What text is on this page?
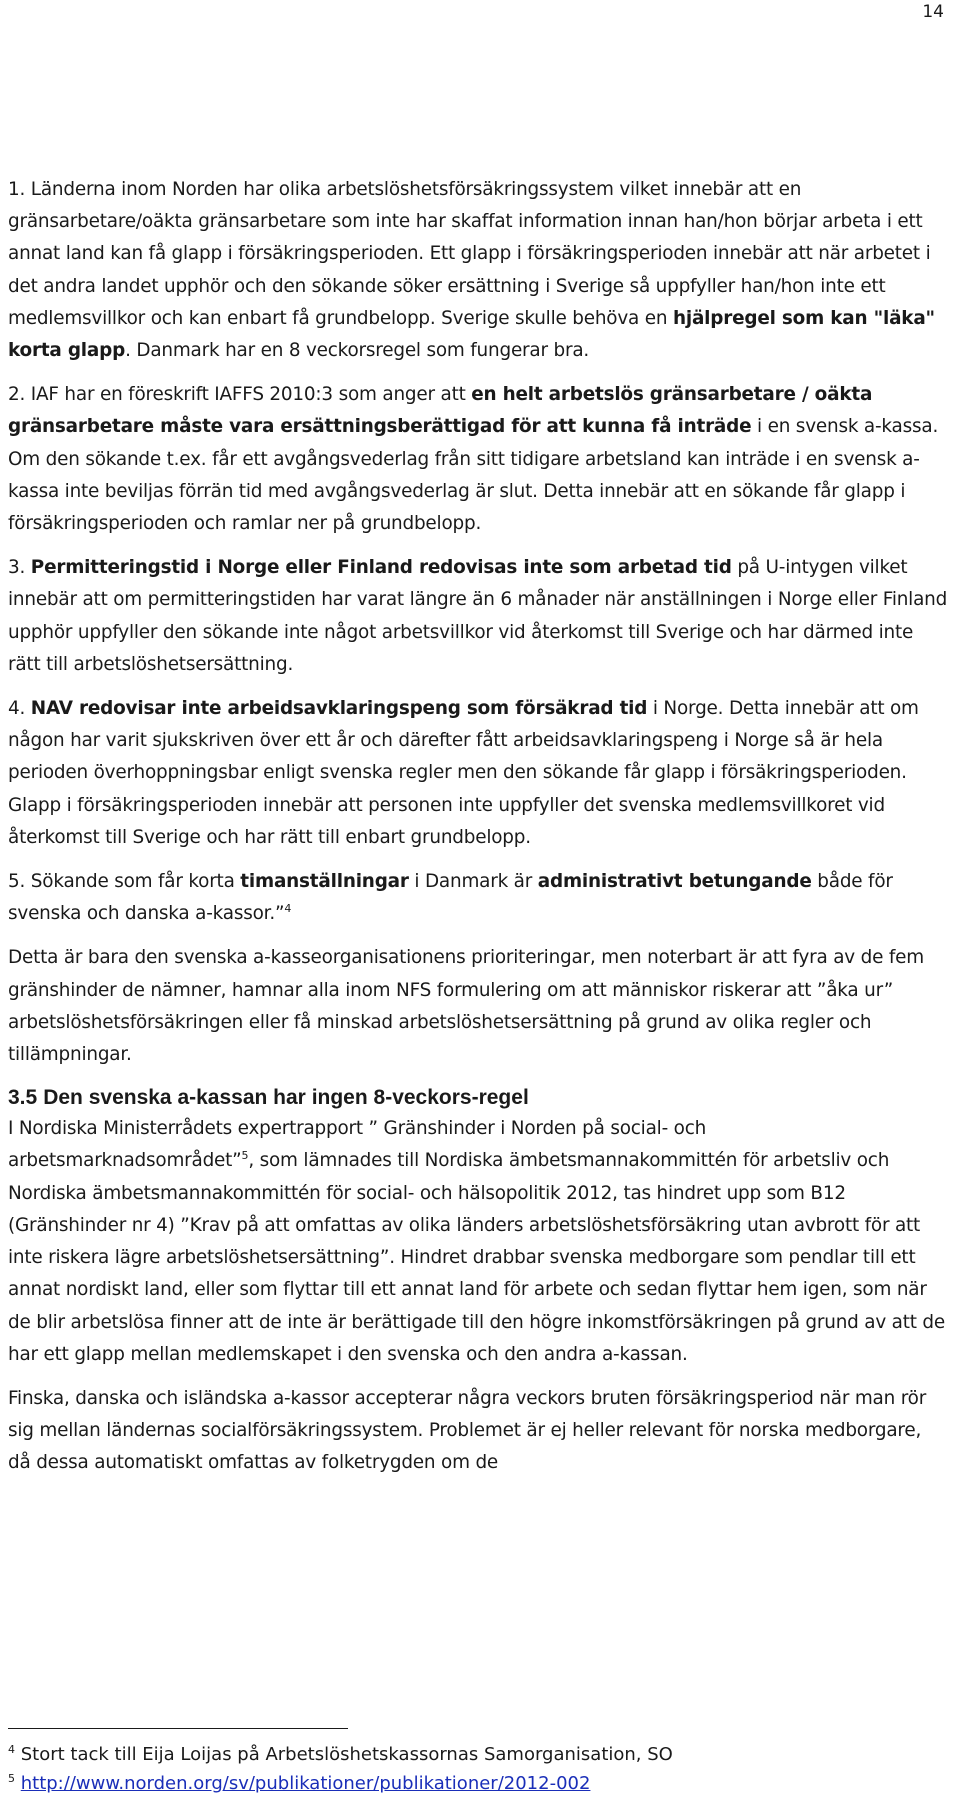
14

1. Länderna inom Norden har olika arbetslöshetsförsäkringssystem vilket innebär att en gränsarbetare/oäkta gränsarbetare som inte har skaffat information innan han/hon börjar arbeta i ett annat land kan få glapp i försäkringsperioden. Ett glapp i försäkringsperioden innebär att när arbetet i det andra landet upphör och den sökande söker ersättning i Sverige så uppfyller han/hon inte ett medlemsvillkor och kan enbart få grundbelopp. Sverige skulle behöva en hjälpregel som kan "läka" korta glapp. Danmark har en 8 veckorsregel som fungerar bra.

2. IAF har en föreskrift IAFFS 2010:3 som anger att en helt arbetslös gränsarbetare / oäkta gränsarbetare måste vara ersättningsberättigad för att kunna få inträde i en svensk a-kassa. Om den sökande t.ex. får ett avgångsvederlag från sitt tidigare arbetsland kan inträde i en svensk a-kassa inte beviljas förrän tid med avgångsvederlag är slut. Detta innebär att en sökande får glapp i försäkringsperioden och ramlar ner på grundbelopp.

3. Permitteringstid i Norge eller Finland redovisas inte som arbetad tid på U-intygen vilket innebär att om permitteringstiden har varat längre än 6 månader när anställningen i Norge eller Finland upphör uppfyller den sökande inte något arbetsvillkor vid återkomst till Sverige och har därmed inte rätt till arbetslöshetsersättning.

4. NAV redovisar inte arbeidsavklaringspeng som försäkrad tid i Norge. Detta innebär att om någon har varit sjukskriven över ett år och därefter fått arbeidsavklaringspeng i Norge så är hela perioden överhoppningsbar enligt svenska regler men den sökande får glapp i försäkringsperioden. Glapp i försäkringsperioden innebär att personen inte uppfyller det svenska medlemsvillkoret vid återkomst till Sverige och har rätt till enbart grundbelopp.

5. Sökande som får korta timanställningar i Danmark är administrativt betungande både för svenska och danska a-kassor.”$^4$

Detta är bara den svenska a-kasseorganisationens prioriteringar, men noterbart är att fyra av de fem gränshinder de nämner, hamnar alla inom NFS formulering om att människor riskerar att ”åka ur” arbetslöshetsförsäkringen eller få minskad arbetslöshetsersättning på grund av olika regler och tillämpningar.

3.5 Den svenska a-kassan har ingen 8-veckors-regel

I Nordiska Ministerrådets expertrapport ” Gränshinder i Norden på social- och arbetsmarknadsområdet”$^5$, som lämnades till Nordiska ämbetsmannakommittén för arbetsliv och Nordiska ämbetsmannakommittén för social- och hälsopolitik 2012, tas hindret upp som B12 (Gränshinder nr 4) ”Krav på att omfattas av olika länders arbetslöshetsförsäkring utan avbrott för att inte riskera lägre arbetslöshetsersättning”. Hindret drabbar svenska medborgare som pendlar till ett annat nordiskt land, eller som flyttar till ett annat land för arbete och sedan flyttar hem igen, som när de blir arbetslösa finner att de inte är berättigade till den högre inkomstförsäkringen på grund av att de har ett glapp mellan medlemskapet i den svenska och den andra a-kassan.

Finska, danska och isländska a-kassor accepterar några veckors bruten försäkringsperiod när man rör sig mellan ländernas socialförsäkringssystem. Problemet är ej heller relevant för norska medborgare, då dessa automatiskt omfattas av folketrygden om de

$^4$ Stort tack till Eija Loijas på Arbetslöshetskassornas Samorganisation, SO

$^5$ http://www.norden.org/sv/publikationer/publikationer/2012-002
